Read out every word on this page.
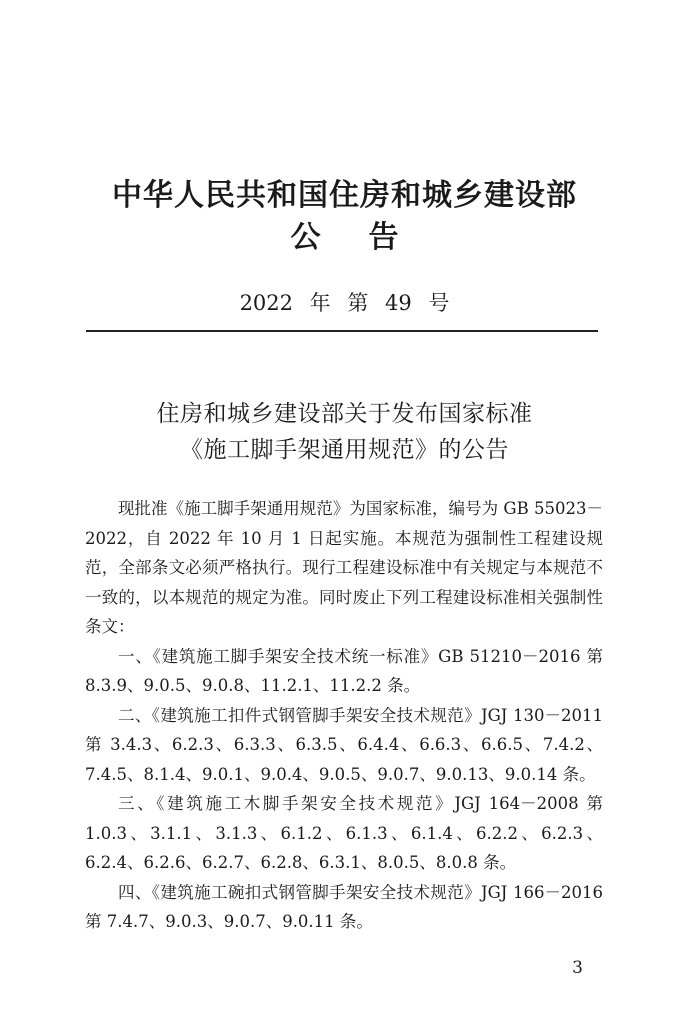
中华人民共和国住房和城乡建设部
公告
2022 年 第 49 号
住房和城乡建设部关于发布国家标准
《施工脚手架通用规范》的公告

现批准《施工脚手架通用规范》为国家标准，编号为 GB 55023－2022，自 2022 年 10 月 1 日起实施。本规范为强制性工程建设规范，全部条文必须严格执行。现行工程建设标准中有关规定与本规范不一致的，以本规范的规定为准。同时废止下列工程建设标准相关强制性条文：

一、《建筑施工脚手架安全技术统一标准》GB 51210－2016 第 8.3.9、9.0.5、9.0.8、11.2.1、11.2.2 条。

二、《建筑施工扣件式钢管脚手架安全技术规范》JGJ 130－2011 第 3.4.3、6.2.3、6.3.3、6.3.5、6.4.4、6.6.3、6.6.5、7.4.2、7.4.5、8.1.4、9.0.1、9.0.4、9.0.5、9.0.7、9.0.13、9.0.14 条。

三、《建筑施工木脚手架安全技术规范》JGJ 164－2008 第 1.0.3、3.1.1、3.1.3、6.1.2、6.1.3、6.1.4、6.2.2、6.2.3、6.2.4、6.2.6、6.2.7、6.2.8、6.3.1、8.0.5、8.0.8 条。

四、《建筑施工碗扣式钢管脚手架安全技术规范》JGJ 166－2016 第 7.4.7、9.0.3、9.0.7、9.0.11 条。

3
